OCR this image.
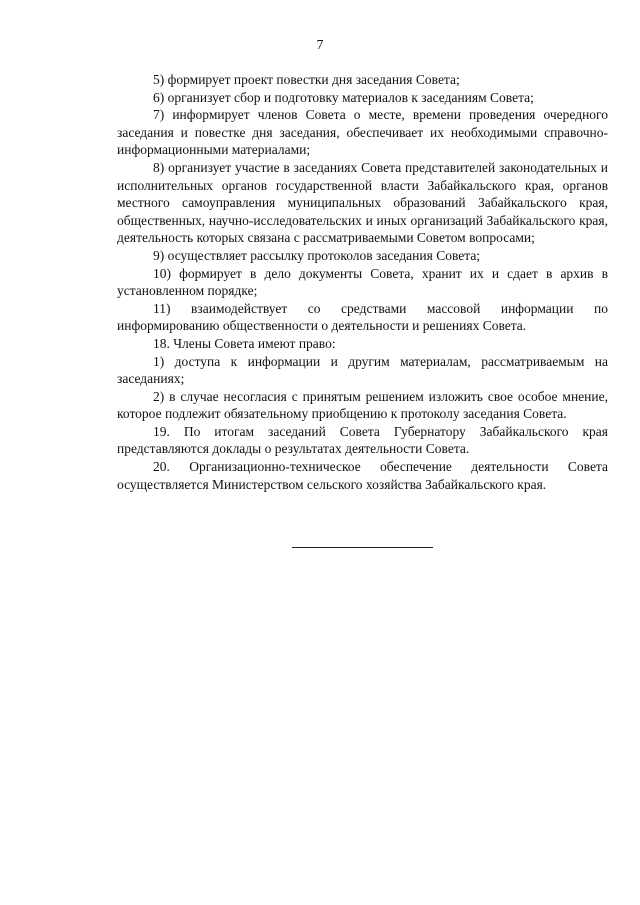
7

5) формирует проект повестки дня заседания Совета;

6) организует сбор и подготовку материалов к заседаниям Совета;

7) информирует членов Совета о месте, времени проведения очередного заседания и повестке дня заседания, обеспечивает их необходимыми справочно-информационными материалами;

8) организует участие в заседаниях Совета представителей законодательных и исполнительных органов государственной власти Забайкальского края, органов местного самоуправления муниципальных образований Забайкальского края, общественных, научно-исследовательских и иных организаций Забайкальского края, деятельность которых связана с рассматриваемыми Советом вопросами;

9) осуществляет рассылку протоколов заседания Совета;

10) формирует в дело документы Совета, хранит их и сдает в архив в установленном порядке;

11) взаимодействует со средствами массовой информации по информированию общественности о деятельности и решениях Совета.

18. Члены Совета имеют право:

1) доступа к информации и другим материалам, рассматриваемым на заседаниях;

2) в случае несогласия с принятым решением изложить свое особое мнение, которое подлежит обязательному приобщению к протоколу заседания Совета.

19. По итогам заседаний Совета Губернатору Забайкальского края представляются доклады о результатах деятельности Совета.

20. Организационно-техническое обеспечение деятельности Совета осуществляется Министерством сельского хозяйства Забайкальского края.
